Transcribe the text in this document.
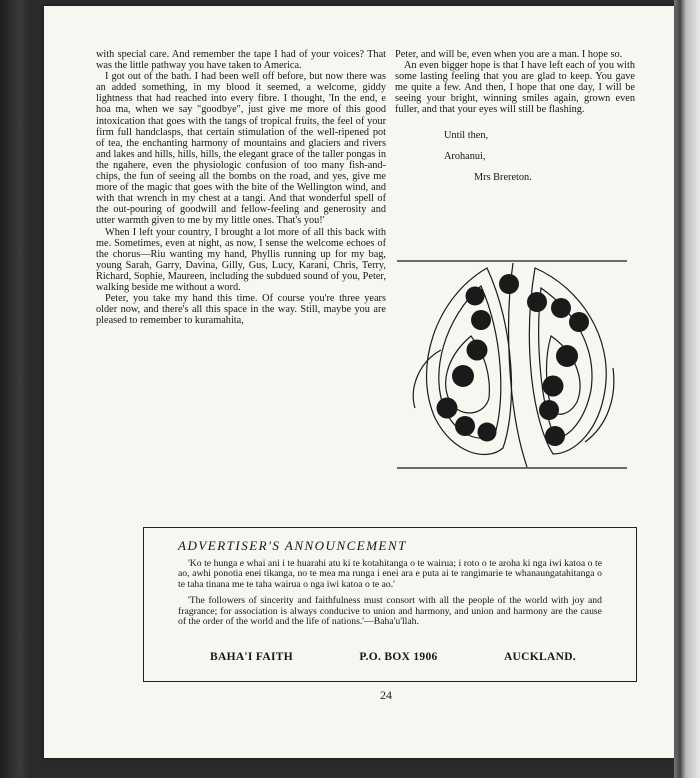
with special care. And remember the tape I had of your voices? That was the little pathway you have taken to America.

I got out of the bath. I had been well off before, but now there was an added something, in my blood it seemed, a welcome, giddy lightness that had reached into every fibre. I thought, 'In the end, e hoa ma, when we say "goodbye", just give me more of this good intoxication that goes with the tangs of tropical fruits, the feel of your firm full handclasps, that certain stimulation of the well-ripened pot of tea, the enchanting harmony of mountains and glaciers and rivers and lakes and hills, hills, hills, the elegant grace of the taller pongas in the ngahere, even the physiologic confusion of too many fish-and-chips, the fun of seeing all the bombs on the road, and yes, give me more of the magic that goes with the bite of the Wellington wind, and with that wrench in my chest at a tangi. And that wonderful spell of the out-pouring of goodwill and fellow-feeling and generosity and utter warmth given to me by my little ones. That's you!'

When I left your country, I brought a lot more of all this back with me. Sometimes, even at night, as now, I sense the welcome echoes of the chorus—Riu wanting my hand, Phyllis running up for my bag, young Sarah, Garry, Davina, Gilly, Gus, Lucy, Karani, Chris, Terry, Richard, Sophie, Maureen, including the subdued sound of you, Peter, walking beside me without a word.

Peter, you take my hand this time. Of course you're three years older now, and there's all this space in the way. Still, maybe you are pleased to remember to kuramahita,

Peter, and will be, even when you are a man. I hope so.

An even bigger hope is that I have left each of you with some lasting feeling that you are glad to keep. You gave me quite a few. And then, I hope that one day, I will be seeing your bright, winning smiles again, grown even fuller, and that your eyes will still be flashing.

Until then,

Arohanui,

Mrs Brereton.

ADVERTISER'S ANNOUNCEMENT

'Ko te hunga e whai ani i te huarahi atu ki te kotahitanga o te wairua; i roto o te aroha ki nga iwi katoa o te ao, awhi ponotia enei tikanga, no te mea ma runga i enei ara e puta ai te rangimarie te whanaungatahitanga o te taha tinana me te taha wairua o nga iwi katoa o te ao.'

'The followers of sincerity and faithfulness must consort with all the people of the world with joy and fragrance; for association is always conducive to union and harmony, and union and harmony are the cause of the order of the world and the life of nations.'—Baha'u'llah.

BAHA'I FAITH	P.O. BOX 1906	AUCKLAND.
24
